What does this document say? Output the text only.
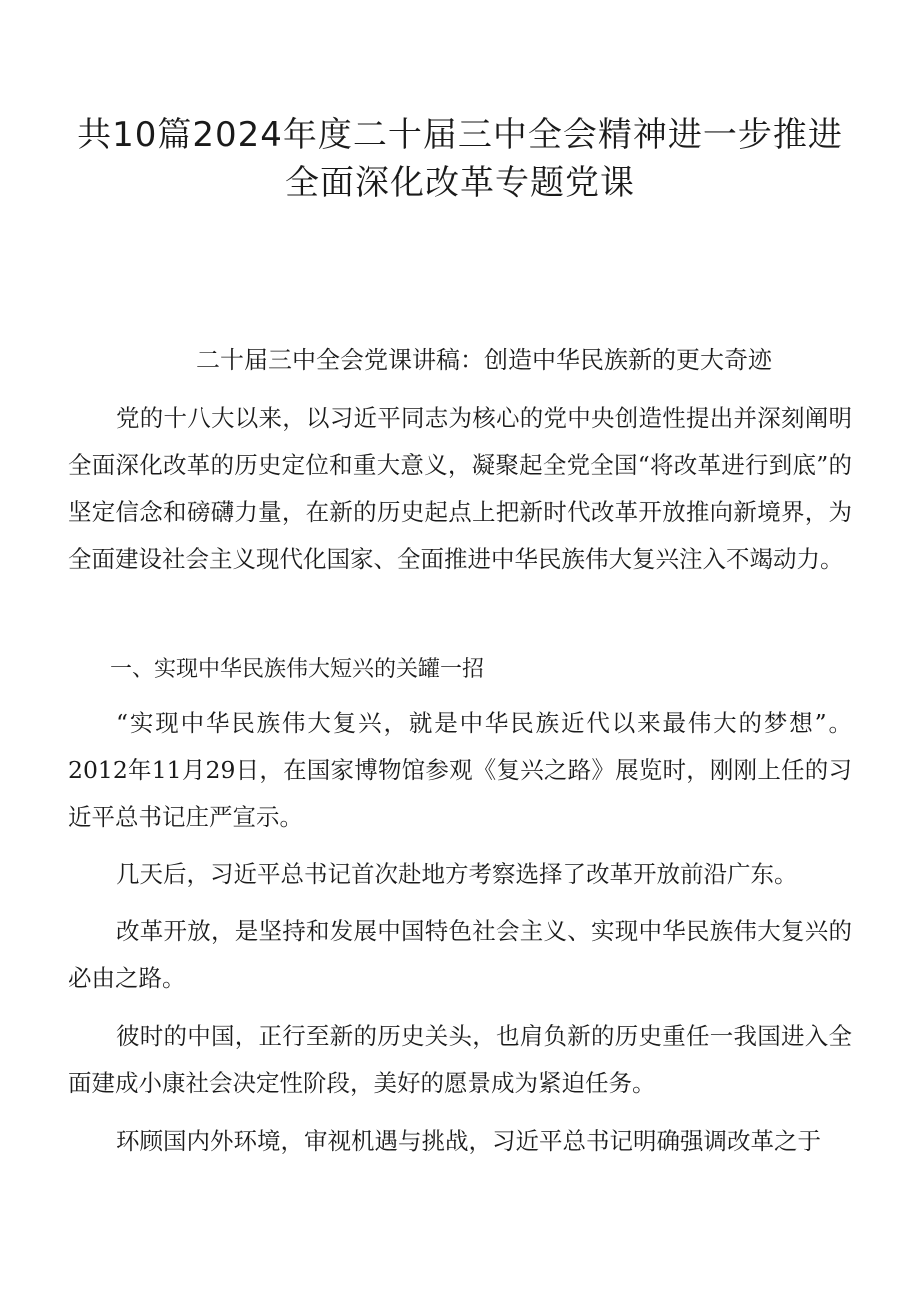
共10篇2024年度二十届三中全会精神进一步推进
全面深化改革专题党课
二十届三中全会党课讲稿：创造中华民族新的更大奇迹

党的十八大以来，以习近平同志为核心的党中央创造性提出并深刻阐明全面深化改革的历史定位和重大意义，凝聚起全党全国“将改革进行到底”的坚定信念和磅礴力量，在新的历史起点上把新时代改革开放推向新境界，为全面建设社会主义现代化国家、全面推进中华民族伟大复兴注入不竭动力。

一、实现中华民族伟大短兴的关罐一招

“实现中华民族伟大复兴，就是中华民族近代以来最伟大的梦想”。2012年11月29日，在国家博物馆参观《复兴之路》展览时，刚刚上任的习近平总书记庄严宣示。

几天后，习近平总书记首次赴地方考察选择了改革开放前沿广东。

改革开放，是坚持和发展中国特色社会主义、实现中华民族伟大复兴的必由之路。

彼时的中国，正行至新的历史关头，也肩负新的历史重任一我国进入全面建成小康社会决定性阶段，美好的愿景成为紧迫任务。

环顾国内外环境，审视机遇与挑战，习近平总书记明确强调改革之于
